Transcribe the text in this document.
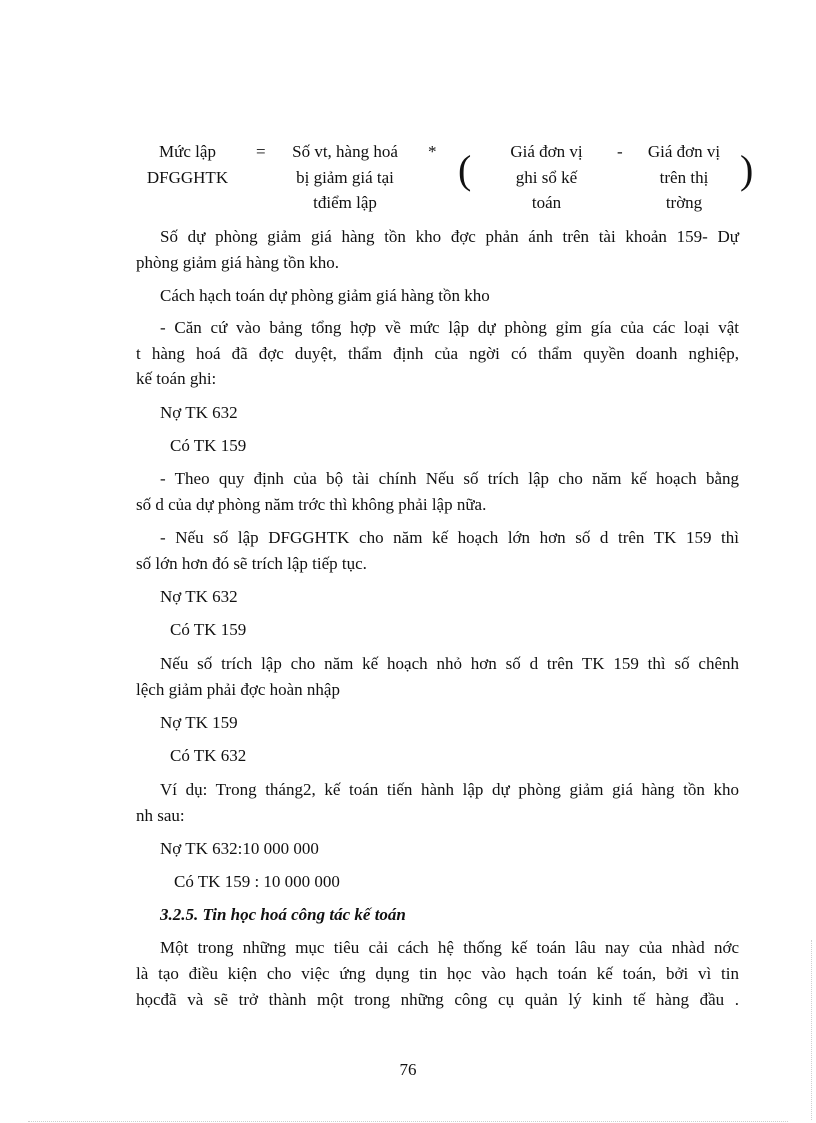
Mức lập
DFGGHTK
=	Số vt, hàng hoá
bị giảm giá tại
tđiểm lập
* (	Giá đơn vị
ghi sổ kế
toán
-	Giá đơn vị
trên thị
trờng
)
Số dự phòng giảm giá hàng tồn kho đợc phản ánh trên tài khoản 159- Dự
phòng giảm giá hàng tồn kho.
Cách hạch toán dự phòng giảm giá hàng tồn kho
- Căn cứ vào bảng tổng hợp về mức lập dự phòng gỉm gía của các loại vật
t hàng hoá đã đợc duyệt, thẩm định của ngời có thẩm quyền doanh nghiệp,
kế toán ghi:
Nợ TK 632
Có TK 159
- Theo quy định của bộ tài chính Nếu số trích lập cho năm kế hoạch bằng
số d của dự phòng năm trớc thì không phải lập nữa.
- Nếu số lập DFGGHTK cho năm kế hoạch lớn hơn số d trên TK 159 thì
số lớn hơn đó sẽ trích lập tiếp tục.
Nợ TK 632
Có TK 159
Nếu số trích lập cho năm kế hoạch nhỏ hơn số d trên TK 159 thì số chênh
lệch giảm phải đợc hoàn nhập
Nợ TK 159
Có TK 632
Ví dụ: Trong tháng2, kế toán tiến hành lập dự phòng giảm giá hàng tồn kho
nh sau:
Nợ TK 632:10 000 000
Có TK 159 : 10 000 000
3.2.5. Tin học hoá công tác kế toán
Một trong những mục tiêu cải cách hệ thống kế toán lâu nay của nhàd nớc
là tạo điều kiện cho việc ứng dụng tin học vào hạch toán kế toán, bởi vì tin
họcđã và sẽ trở thành một trong những công cụ quản lý kinh tế hàng đầu .
76
